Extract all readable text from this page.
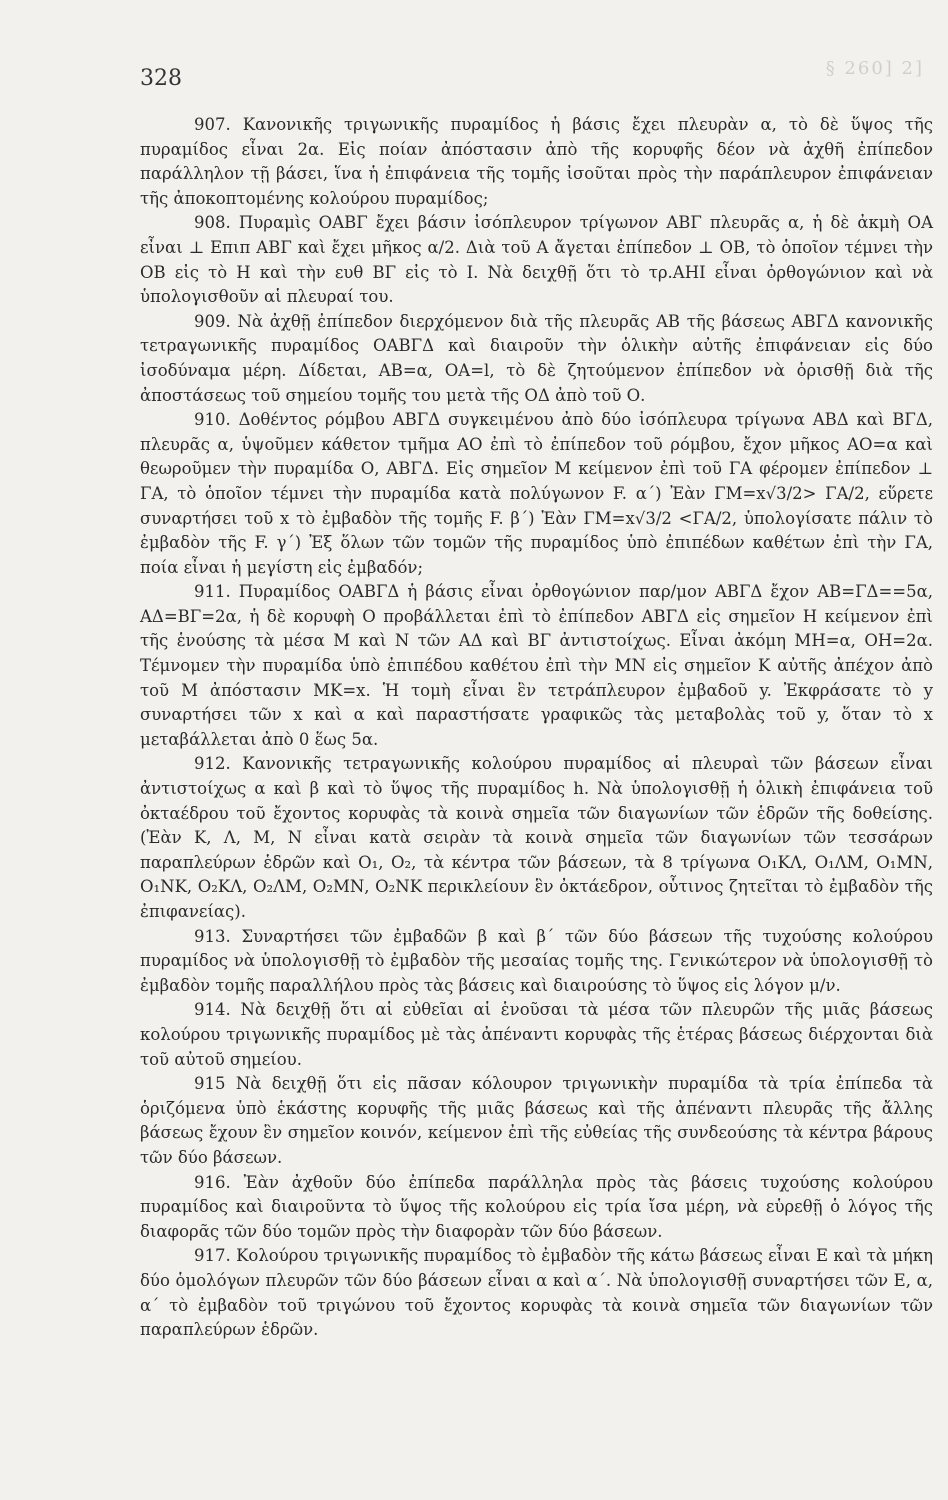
§ 260] 2]
328

907. Κανονικῆς τριγωνικῆς πυραμίδος ἡ βάσις ἔχει πλευρὰν α, τὸ δὲ ὕψος τῆς πυραμίδος εἶναι 2α. Εἰς ποίαν ἀπόστασιν ἀπὸ τῆς κορυφῆς δέον νὰ ἀχθῆ ἐπίπεδον παράλληλον τῇ βάσει, ἵνα ἡ ἐπιφάνεια τῆς τομῆς ἰσοῦται πρὸς τὴν παράπλευρον ἐπιφάνειαν τῆς ἀποκοπτομένης κολούρου πυραμίδος;

908. Πυραμὶς ΟΑΒΓ ἔχει βάσιν ἰσόπλευρον τρίγωνον ΑΒΓ πλευρᾶς α, ἡ δὲ ἀκμὴ ΟΑ εἶναι ⊥ Επιπ ΑΒΓ καὶ ἔχει μῆκος α/2. Διὰ τοῦ Α ἄγεται ἐπίπεδον ⊥ ΟΒ, τὸ ὁποῖον τέμνει τὴν ΟΒ εἰς τὸ Η καὶ τὴν ευθ ΒΓ εἰς τὸ Ι. Νὰ δειχθῇ ὅτι τὸ τρ.ΑΗΙ εἶναι ὀρθογώνιον καὶ νὰ ὑπολογισθοῦν αἱ πλευραί του.

909. Νὰ ἀχθῇ ἐπίπεδον διερχόμενον διὰ τῆς πλευρᾶς ΑΒ τῆς βάσεως ΑΒΓΔ κανονικῆς τετραγωνικῆς πυραμίδος ΟΑΒΓΔ καὶ διαιροῦν τὴν ὁλικὴν αὐτῆς ἐπιφάνειαν εἰς δύο ἰσοδύναμα μέρη. Δίδεται, ΑΒ=α, ΟΑ=l, τὸ δὲ ζητούμενον ἐπίπεδον νὰ ὁρισθῇ διὰ τῆς ἀποστάσεως τοῦ σημείου τομῆς του μετὰ τῆς ΟΔ ἀπὸ τοῦ Ο.

910. Δοθέντος ρόμβου ΑΒΓΔ συγκειμένου ἀπὸ δύο ἰσόπλευρα τρίγωνα ΑΒΔ καὶ ΒΓΔ, πλευρᾶς α, ὑψοῦμεν κάθετον τμῆμα ΑΟ ἐπὶ τὸ ἐπίπεδον τοῦ ρόμβου, ἔχον μῆκος ΑΟ=α καὶ θεωροῦμεν τὴν πυραμίδα Ο, ΑΒΓΔ. Εἰς σημεῖον Μ κείμενον ἐπὶ τοῦ ΓΑ φέρομεν ἐπίπεδον ⊥ ΓΑ, τὸ ὁποῖον τέμνει τὴν πυραμίδα κατὰ πολύγωνον F. α΄) Ἐὰν ΓΜ=x√3/2> ΓΑ/2, εὕρετε συναρτήσει τοῦ x τὸ ἐμβαδὸν τῆς τομῆς F. β΄) Ἐὰν ΓΜ=x√3/2 <ΓΑ/2, ὑπολογίσατε πάλιν τὸ ἐμβαδὸν τῆς F. γ΄) Ἐξ ὅλων τῶν τομῶν τῆς πυραμίδος ὑπὸ ἐπιπέδων καθέτων ἐπὶ τὴν ΓΑ, ποία εἶναι ἡ μεγίστη εἰς ἐμβαδόν;

911. Πυραμίδος ΟΑΒΓΔ ἡ βάσις εἶναι ὀρθογώνιον παρ/μον ΑΒΓΔ ἔχον ΑΒ=ΓΔ==5α, ΑΔ=ΒΓ=2α, ἡ δὲ κορυφὴ Ο προβάλλεται ἐπὶ τὸ ἐπίπεδον ΑΒΓΔ εἰς σημεῖον Η κείμενον ἐπὶ τῆς ἑνούσης τὰ μέσα Μ καὶ Ν τῶν ΑΔ καὶ ΒΓ ἀντιστοίχως. Εἶναι ἀκόμη ΜΗ=α, ΟΗ=2α. Τέμνομεν τὴν πυραμίδα ὑπὸ ἐπιπέδου καθέτου ἐπὶ τὴν ΜΝ εἰς σημεῖον Κ αὐτῆς ἀπέχον ἀπὸ τοῦ Μ ἀπόστασιν ΜΚ=x. Ἡ τομὴ εἶναι ἓν τετράπλευρον ἐμβαδοῦ y. Ἐκφράσατε τὸ y συναρτήσει τῶν x καὶ α καὶ παραστήσατε γραφικῶς τὰς μεταβολὰς τοῦ y, ὅταν τὸ x μεταβάλλεται ἀπὸ 0 ἕως 5α.

912. Κανονικῆς τετραγωνικῆς κολούρου πυραμίδος αἱ πλευραὶ τῶν βάσεων εἶναι ἀντιστοίχως α καὶ β καὶ τὸ ὕψος τῆς πυραμίδος h. Νὰ ὑπολογισθῇ ἡ ὁλικὴ ἐπιφάνεια τοῦ ὀκταέδρου τοῦ ἔχοντος κορυφὰς τὰ κοινὰ σημεῖα τῶν διαγωνίων τῶν ἑδρῶν τῆς δοθείσης. (Ἐὰν Κ, Λ, Μ, Ν εἶναι κατὰ σειρὰν τὰ κοινὰ σημεῖα τῶν διαγωνίων τῶν τεσσάρων παραπλεύρων ἑδρῶν καὶ Ο₁, Ο₂, τὰ κέντρα τῶν βάσεων, τὰ 8 τρίγωνα Ο₁ΚΛ, Ο₁ΛΜ, Ο₁ΜΝ, Ο₁ΝΚ, Ο₂ΚΛ, Ο₂ΛΜ, Ο₂ΜΝ, Ο₂ΝΚ περικλείουν ἓν ὀκτάεδρον, οὗτινος ζητεῖται τὸ ἐμβαδὸν τῆς ἐπιφανείας).

913. Συναρτήσει τῶν ἐμβαδῶν β καὶ β΄ τῶν δύο βάσεων τῆς τυχούσης κολούρου πυραμίδος νὰ ὑπολογισθῇ τὸ ἐμβαδὸν τῆς μεσαίας τομῆς της. Γενικώτερον νὰ ὑπολογισθῇ τὸ ἐμβαδὸν τομῆς παραλλήλου πρὸς τὰς βάσεις καὶ διαιρούσης τὸ ὕψος εἰς λόγον μ/ν.

914. Νὰ δειχθῇ ὅτι αἱ εὐθεῖαι αἱ ἑνοῦσαι τὰ μέσα τῶν πλευρῶν τῆς μιᾶς βάσεως κολούρου τριγωνικῆς πυραμίδος μὲ τὰς ἀπέναντι κορυφὰς τῆς ἑτέρας βάσεως διέρχονται διὰ τοῦ αὐτοῦ σημείου.

915 Νὰ δειχθῇ ὅτι εἰς πᾶσαν κόλουρον τριγωνικὴν πυραμίδα τὰ τρία ἐπίπεδα τὰ ὁριζόμενα ὑπὸ ἑκάστης κορυφῆς τῆς μιᾶς βάσεως καὶ τῆς ἀπέναντι πλευρᾶς τῆς ἄλλης βάσεως ἔχουν ἓν σημεῖον κοινόν, κείμενον ἐπὶ τῆς εὐθείας τῆς συνδεούσης τὰ κέντρα βάρους τῶν δύο βάσεων.

916. Ἐὰν ἀχθοῦν δύο ἐπίπεδα παράλληλα πρὸς τὰς βάσεις τυχούσης κολούρου πυραμίδος καὶ διαιροῦντα τὸ ὕψος τῆς κολούρου εἰς τρία ἴσα μέρη, νὰ εὑρεθῇ ὁ λόγος τῆς διαφορᾶς τῶν δύο τομῶν πρὸς τὴν διαφορὰν τῶν δύο βάσεων.

917. Κολούρου τριγωνικῆς πυραμίδος τὸ ἐμβαδὸν τῆς κάτω βάσεως εἶναι Ε καὶ τὰ μήκη δύο ὁμολόγων πλευρῶν τῶν δύο βάσεων εἶναι α καὶ α΄. Νὰ ὑπολογισθῇ συναρτήσει τῶν Ε, α, α΄ τὸ ἐμβαδὸν τοῦ τριγώνου τοῦ ἔχοντος κορυφὰς τὰ κοινὰ σημεῖα τῶν διαγωνίων τῶν παραπλεύρων ἑδρῶν.
